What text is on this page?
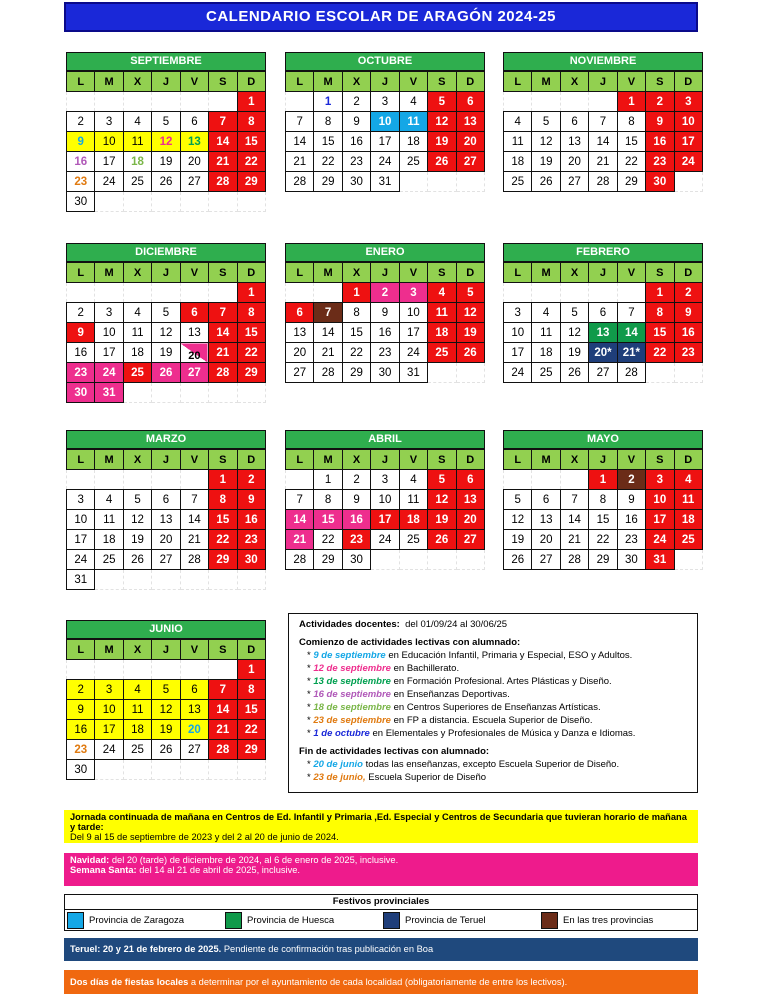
CALENDARIO ESCOLAR DE ARAGÓN 2024-25
SEPTIEMBRE
L	M	X	J	V	S	D
						1
2	3	4	5	6	7	8
9	10	11	12	13	14	15
16	17	18	19	20	21	22
23	24	25	26	27	28	29
30						
OCTUBRE
L	M	X	J	V	S	D
	1	2	3	4	5	6
7	8	9	10	11	12	13
14	15	16	17	18	19	20
21	22	23	24	25	26	27
28	29	30	31			
NOVIEMBRE
L	M	X	J	V	S	D
				1	2	3
4	5	6	7	8	9	10
11	12	13	14	15	16	17
18	19	20	21	22	23	24
25	26	27	28	29	30	
DICIEMBRE
L	M	X	J	V	S	D
						1
2	3	4	5	6	7	8
9	10	11	12	13	14	15
16	17	18	19	20	21	22
23	24	25	26	27	28	29
30	31					
ENERO
L	M	X	J	V	S	D
		1	2	3	4	5
6	7	8	9	10	11	12
13	14	15	16	17	18	19
20	21	22	23	24	25	26
27	28	29	30	31		
FEBRERO
L	M	X	J	V	S	D
					1	2
3	4	5	6	7	8	9
10	11	12	13	14	15	16
17	18	19	20*	21*	22	23
24	25	26	27	28		
MARZO
L	M	X	J	V	S	D
					1	2
3	4	5	6	7	8	9
10	11	12	13	14	15	16
17	18	19	20	21	22	23
24	25	26	27	28	29	30
31						
ABRIL
L	M	X	J	V	S	D
	1	2	3	4	5	6
7	8	9	10	11	12	13
14	15	16	17	18	19	20
21	22	23	24	25	26	27
28	29	30				
MAYO
L	M	X	J	V	S	D
			1	2	3	4
5	6	7	8	9	10	11
12	13	14	15	16	17	18
19	20	21	22	23	24	25
26	27	28	29	30	31	
JUNIO
L	M	X	J	V	S	D
						1
2	3	4	5	6	7	8
9	10	11	12	13	14	15
16	17	18	19	20	21	22
23	24	25	26	27	28	29
30						
Actividades docentes: del 01/09/24 al 30/06/25
Comienzo de actividades lectivas con alumnado:
* 9 de septiembre en Educación Infantil, Primaria y Especial, ESO y Adultos.
* 12 de septiembre en Bachillerato.
* 13 de septiembre en Formación Profesional. Artes Plásticas y Diseño.
* 16 de septiembre en Enseñanzas Deportivas.
* 18 de septiembre en Centros Superiores de Enseñanzas Artísticas.
* 23 de septiembre en FP a distancia. Escuela Superior de Diseño.
* 1 de octubre en Elementales y Profesionales de Música y Danza e Idiomas.
Fin de actividades lectivas con alumnado:
* 20 de junio todas las enseñanzas, excepto Escuela Superior de Diseño.
* 23 de junio, Escuela Superior de Diseño
Jornada continuada de mañana en Centros de Ed. Infantil y Primaria ,Ed. Especial y Centros de Secundaria que tuvieran horario de mañana y tarde:
Del 9 al 15 de septiembre de 2023 y del 2 al 20 de junio de 2024.
Navidad: del 20 (tarde) de diciembre de 2024, al 6 de enero de 2025, inclusive.
Semana Santa: del 14 al 21 de abril de 2025, inclusive.
Festivos provinciales
Provincia de Zaragoza	Provincia de Huesca	Provincia de Teruel	En las tres provincias
Teruel: 20 y 21 de febrero de 2025. Pendiente de confirmación tras publicación en Boa
Dos días de fiestas locales a determinar por el ayuntamiento de cada localidad (obligatoriamente de entre los lectivos).
